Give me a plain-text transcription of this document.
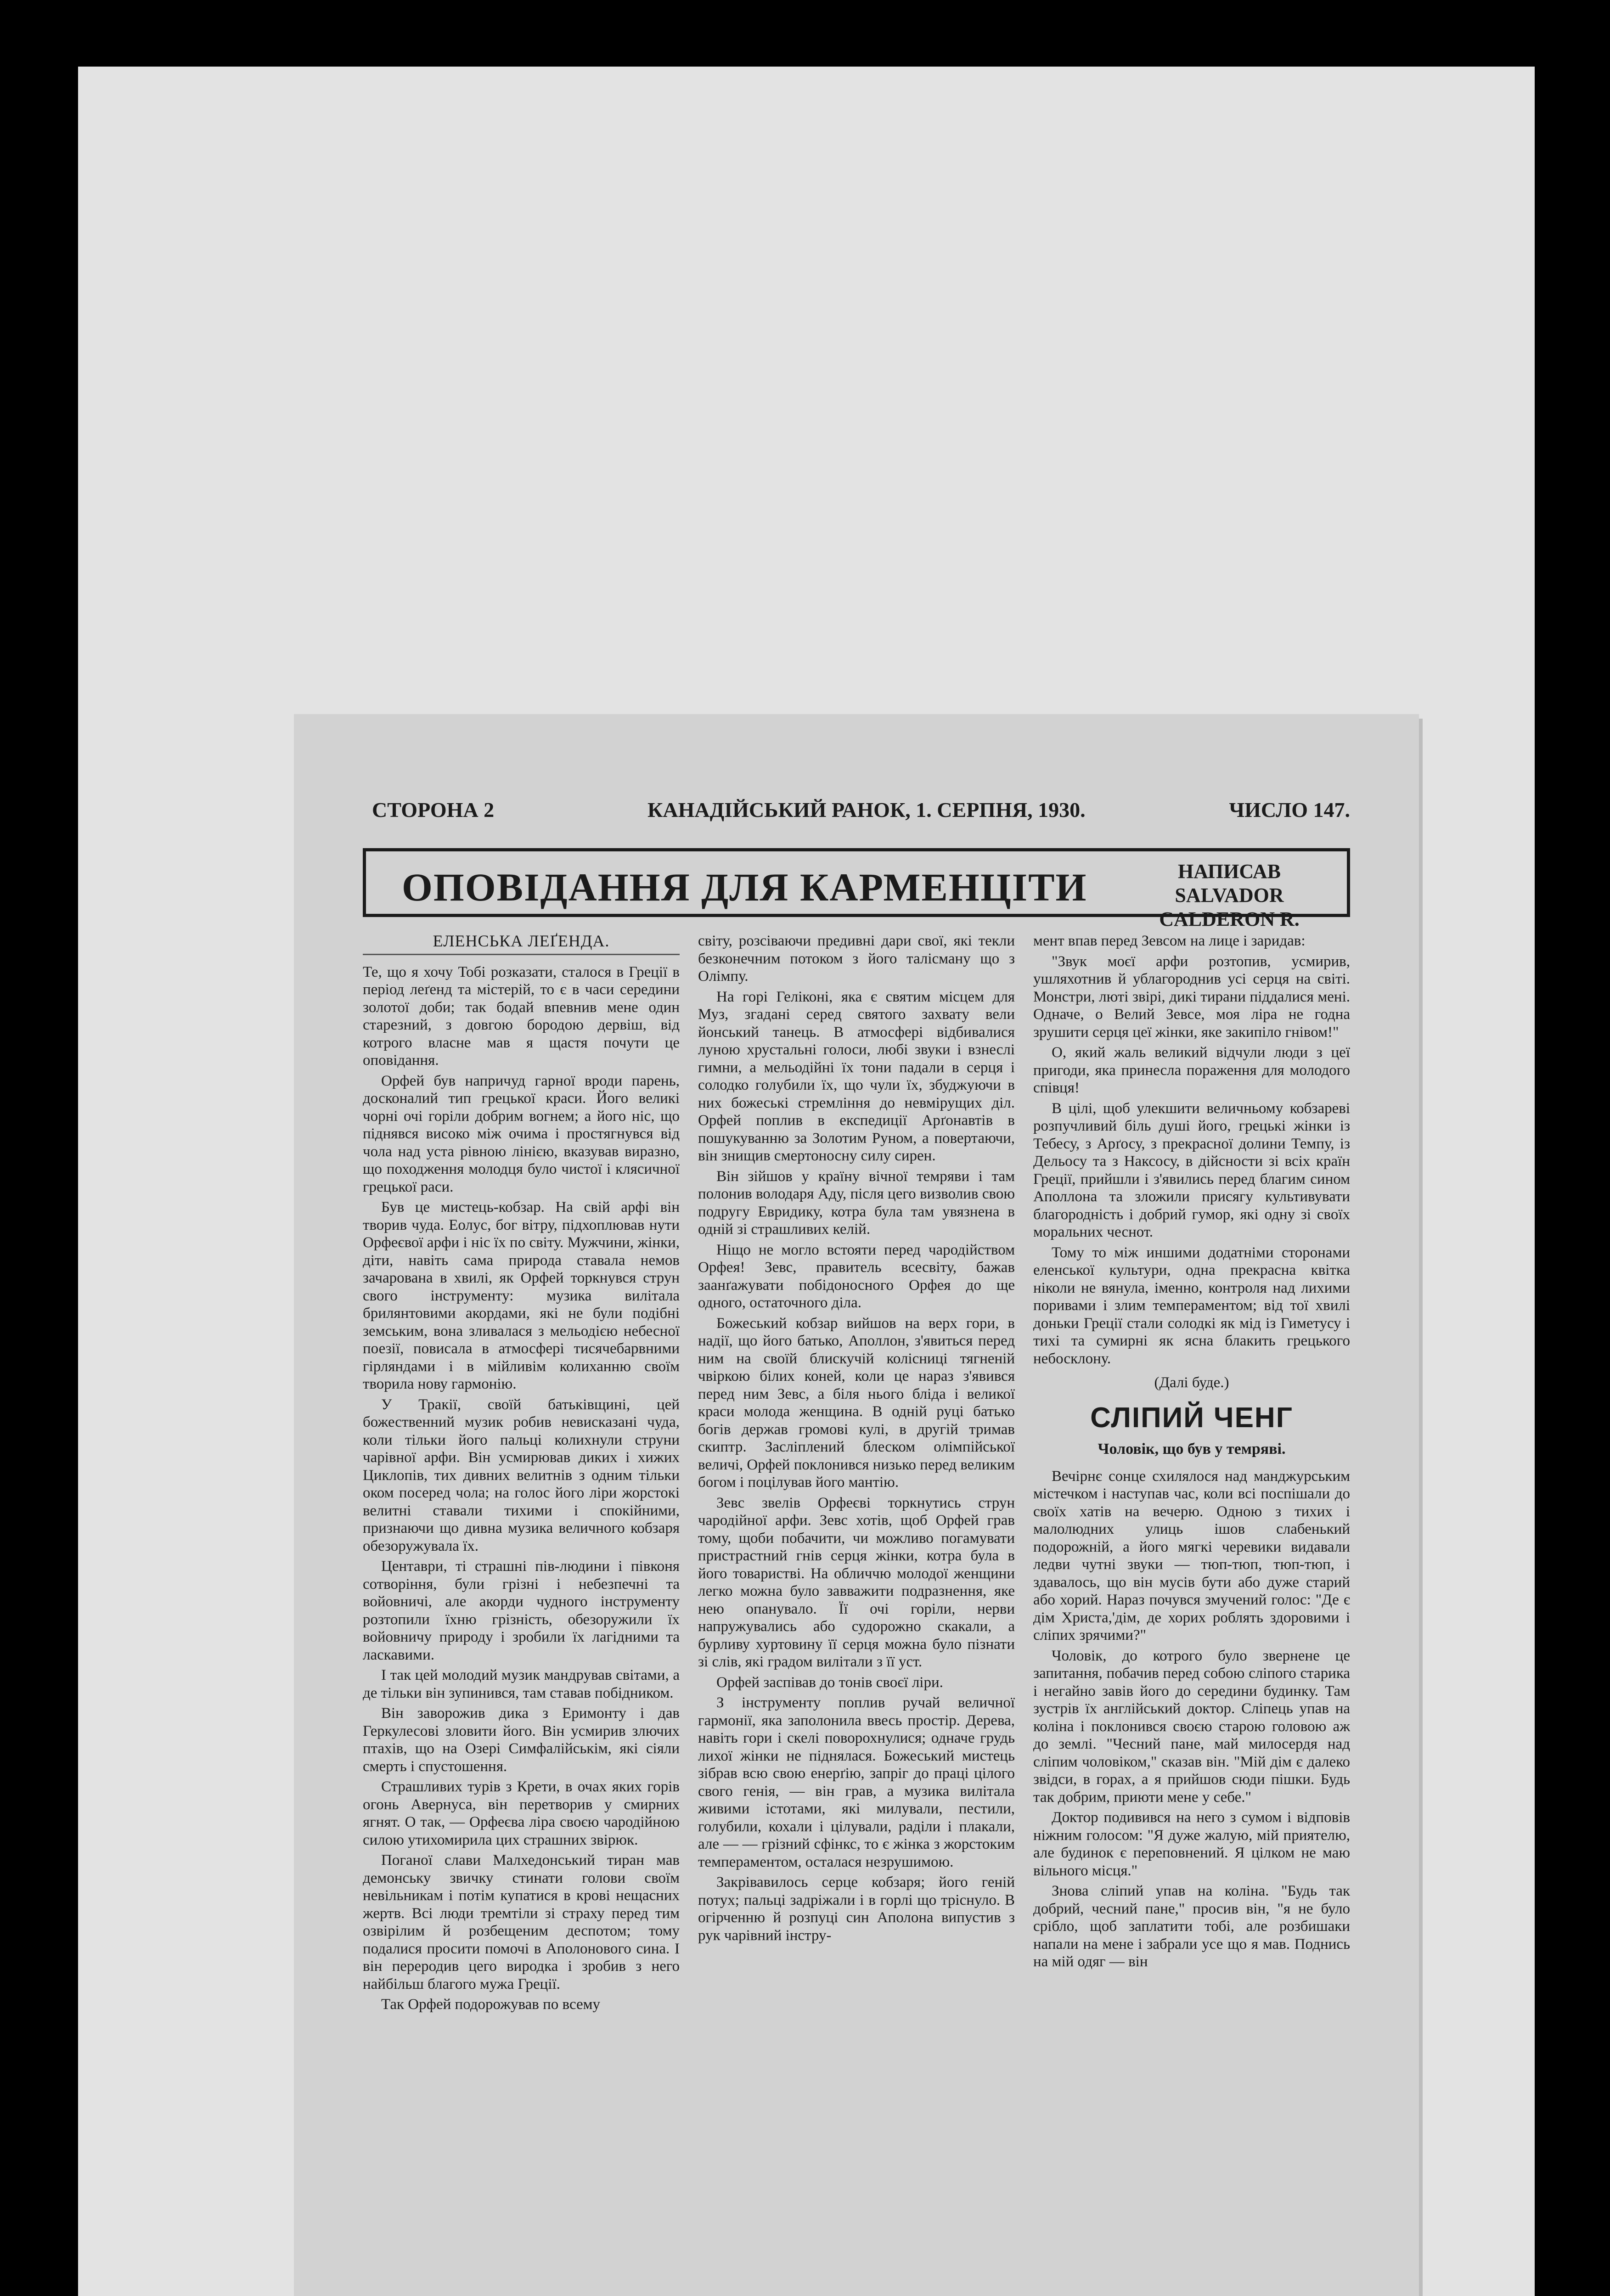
СТОРОНА 2	КАНАДІЙСЬКИЙ РАНОК, 1. СЕРПНЯ, 1930.	ЧИСЛО 147.
ОПОВІДАННЯ ДЛЯ КАРМЕНЦІТИ	НАПИСАВ
SALVADOR CALDERON R.
ЕЛЕНСЬКА ЛЕҐЕНДА.

Те, що я хочу Тобі розказати, сталося в Греції в період леґенд та містерій, то є в часи середини золотої доби; так бодай впевнив мене один старезний, з довгою бородою дервіш, від котрого власне мав я щастя почути це оповідання.

Орфей був напричуд гарної вроди парень, досконалий тип грецької краси. Його великі чорні очі горіли добрим вогнем; а його ніс, що піднявся високо між очима і простягнувся від чола над уста рівною лінією, вказував виразно, що походження молодця було чистої і клясичної грецької раси.

Був це мистець-кобзар. На свій арфі він творив чуда. Еолус, бог вітру, підхоплював нути Орфеєвої арфи і ніс їх по світу. Мужчини, жінки, діти, навіть сама природа ставала немов зачарована в хвилі, як Орфей торкнувся струн свого інструменту: музика вилітала брилянтовими акордами, які не були подібні земським, вона зливалася з мельодією небесної поезії, повисала в атмосфері тисячебарвними гірляндами і в мійливім колиханню своїм творила нову гармонію.

У Тракії, своїй батьківщині, цей божественний музик робив невисказані чуда, коли тільки його пальці колихнули струни чарівної арфи. Він усмирював диких і хижих Циклопів, тих дивних велитнів з одним тільки оком посеред чола; на голос його ліри жорстокі велитні ставали тихими і спокійними, признаючи що дивна музика величного кобзаря обезоружувала їх.

Центаври, ті страшні пів-людини і півконя сотворіння, були грізні і небезпечні та войовничі, але акорди чудного інструменту розтопили їхню грізність, обезоружили їх войовничу природу і зробили їх лагідними та ласкавими.

І так цей молодий музик мандрував світами, а де тільки він зупинився, там ставав побідником.

Він заворожив дика з Еримонту і дав Геркулесові зловити його. Він усмирив злючих птахів, що на Озері Симфалійськім, які сіяли смерть і спустошення.

Страшливих турів з Крети, в очах яких горів огонь Авернуса, він перетворив у смирних ягнят. О так, — Орфеєва ліра своєю чародійною силою утихомирила цих страшних звірюк.

Поганої слави Малхедонський тиран мав демонську звичку стинати голови своїм невільникам і потім купатися в крові нещасних жертв. Всі люди тремтіли зі страху перед тим озвірілим й розбещеним деспотом; тому подалися просити помочі в Аполонового сина. І він переродив цего виродка і зробив з него найбільш благого мужа Греції.

Так Орфей подорожував по всему

світу, розсіваючи предивні дари свої, які текли безконечним потоком з його талісману що з Олімпу.

На горі Геліконі, яка є святим місцем для Муз, згадані серед святого захвату вели йонський танець. В атмосфері відбивалися луною хрустальні голоси, любі звуки і взнеслі гимни, а мельодійні їх тони падали в серця і солодко голубили їх, що чули їх, збуджуючи в них божеські стремління до невмірущих діл. Орфей поплив в експедиції Арґонавтів в пошукуванню за Золотим Руном, а повертаючи, він знищив смертоносну силу сирен.

Він зійшов у країну вічної темряви і там полонив володаря Аду, після цего визволив свою подругу Евридику, котра була там увязнена в одній зі страшливих келій.

Ніщо не могло встояти перед чародійством Орфея! Зевс, правитель всесвіту, бажав заанґажувати побідоносного Орфея до ще одного, остаточного діла.

Божеський кобзар вийшов на верх гори, в надії, що його батько, Аполлон, з'явиться перед ним на своїй блискучій колісниці тягненій чвіркою білих коней, коли це нараз з'явився перед ним Зевс, а біля нього бліда і великої краси молода женщина. В одній руці батько богів держав громові кулі, в другій тримав скиптр. Засліплений блеском олімпійської величі, Орфей поклонився низько перед великим богом і поцілував його мантію.

Зевс звелів Орфеєві торкнутись струн чародійної арфи. Зевс хотів, щоб Орфей грав тому, щоби побачити, чи можливо погамувати пристрастний гнів серця жінки, котра була в його товаристві. На обличчю молодої женщини легко можна було завважити подразнення, яке нею опанувало. Її очі горіли, нерви напружувались або судорожно скакали, а бурливу хуртовину її серця можна було пізнати зі слів, які градом вилітали з її уст.

Орфей заспівав до тонів своєї ліри.

З інструменту поплив ручай величної гармонії, яка заполонила ввесь простір. Дерева, навіть гори і скелі поворохнулися; одначе грудь лихої жінки не піднялася. Божеський мистець зібрав всю свою енерґію, запріг до праці цілого свого генія, — він грав, а музика вилітала живими істотами, які милували, пестили, голубили, кохали і цілували, раділи і плакали, але — — грізний сфінкс, то є жінка з жорстоким темпераментом, осталася незрушимою.

Закрівавилось серце кобзаря; його геній потух; пальці задріжали і в горлі що тріснуло. В огірченню й розпуці син Аполона випустив з рук чарівний інстру-

мент впав перед Зевсом на лице і заридав:

"Звук моєї арфи розтопив, усмирив, ушляхотнив й ублагороднив усі серця на світі. Монстри, люті звірі, дикі тирани піддалися мені. Одначе, о Велий Зевсе, моя ліра не годна зрушити серця цеї жінки, яке закипіло гнівом!"

О, який жаль великий відчули люди з цеї пригоди, яка принесла пораження для молодого співця!

В цілі, щоб улекшити величньому кобзареві розпучливий біль душі його, грецькі жінки із Тебесу, з Арґосу, з прекрасної долини Темпу, із Дельосу та з Наксосу, в дійсности зі всіх країн Греції, прийшли і з'явились перед благим сином Аполлона та зложили присягу культивувати благородність і добрий гумор, які одну зі своїх моральних чеснот.

Тому то між иншими додатніми сторонами еленської культури, одна прекрасна квітка ніколи не вянула, іменно, контроля над лихими поривами і злим темпераментом; від тої хвилі доньки Греції стали солодкі як мід із Гиметусу і тихі та сумирні як ясна блакить грецького небосклону.

(Далі буде.)
СЛІПИЙ ЧЕНГ
Чоловік, що був у темряві.

Вечірнє сонце схилялося над манджурським містечком і наступав час, коли всі поспішали до своїх хатів на вечерю. Одною з тихих і малолюдних улиць ішов слабенький подорожній, а його мягкі черевики видавали ледви чутні звуки — тюп-тюп, тюп-тюп, і здавалось, що він мусів бути або дуже старий або хорий. Нараз почувся змучений голос: "Де є дім Христа,'дім, де хорих роблять здоровими і сліпих зрячими?"

Чоловік, до котрого було звернене це запитання, побачив перед собою сліпого старика і негайно завів його до середини будинку. Там зустрів їх англійський доктор. Сліпець упав на коліна і поклонився своєю старою головою аж до землі. "Чесний пане, май милосердя над сліпим чоловіком," сказав він. "Мій дім є далеко звідси, в горах, а я прийшов сюди пішки. Будь так добрим, приюти мене у себе."

Доктор подивився на него з сумом і відповів ніжним голосом: "Я дуже жалую, мій приятелю, але будинок є переповнений. Я цілком не маю вільного місця."

Знова сліпий упав на коліна. "Будь так добрий, чесний пане," просив він, "я не було срібло, щоб заплатити тобі, але розбишаки напали на мене і забрали усе що я мав. Поднись на мій одяг — він
